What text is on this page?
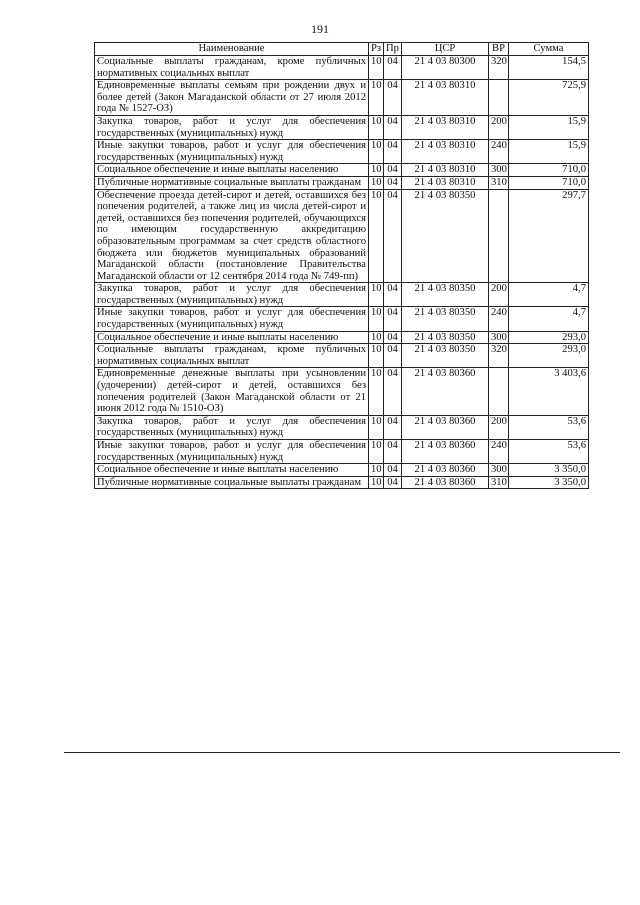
191
Наименование	Рз	Пр	ЦСР	ВР	Сумма
Социальные выплаты гражданам, кроме публичных нормативных социальных выплат	10	04	21 4 03 80300	320	154,5
Единовременные выплаты семьям при рождении двух и более детей (Закон Магаданской области от 27 июля 2012 года № 1527-ОЗ)	10	04	21 4 03 80310		725,9
Закупка товаров, работ и услуг для обеспечения государственных (муниципальных) нужд	10	04	21 4 03 80310	200	15,9
Иные закупки товаров, работ и услуг для обеспечения государственных (муниципальных) нужд	10	04	21 4 03 80310	240	15,9
Социальное обеспечение и иные выплаты населению	10	04	21 4 03 80310	300	710,0
Публичные нормативные социальные выплаты гражданам	10	04	21 4 03 80310	310	710,0
Обеспечение проезда детей-сирот и детей, оставшихся без попечения родителей, а также лиц из числа детей-сирот и детей, оставшихся без попечения родителей, обучающихся по имеющим государственную аккредитацию образовательным программам за счет средств областного бюджета или бюджетов муниципальных образований Магаданской области (постановление Правительства Магаданской области от 12 сентября 2014 года № 749-пп)	10	04	21 4 03 80350		297,7
Закупка товаров, работ и услуг для обеспечения государственных (муниципальных) нужд	10	04	21 4 03 80350	200	4,7
Иные закупки товаров, работ и услуг для обеспечения государственных (муниципальных) нужд	10	04	21 4 03 80350	240	4,7
Социальное обеспечение и иные выплаты населению	10	04	21 4 03 80350	300	293,0
Социальные выплаты гражданам, кроме публичных нормативных социальных выплат	10	04	21 4 03 80350	320	293,0
Единовременные денежные выплаты при усыновлении (удочерении) детей-сирот и детей, оставшихся без попечения родителей (Закон Магаданской области от 21 июня 2012 года № 1510-ОЗ)	10	04	21 4 03 80360		3 403,6
Закупка товаров, работ и услуг для обеспечения государственных (муниципальных) нужд	10	04	21 4 03 80360	200	53,6
Иные закупки товаров, работ и услуг для обеспечения государственных (муниципальных) нужд	10	04	21 4 03 80360	240	53,6
Социальное обеспечение и иные выплаты населению	10	04	21 4 03 80360	300	3 350,0
Публичные нормативные социальные выплаты гражданам	10	04	21 4 03 80360	310	3 350,0
